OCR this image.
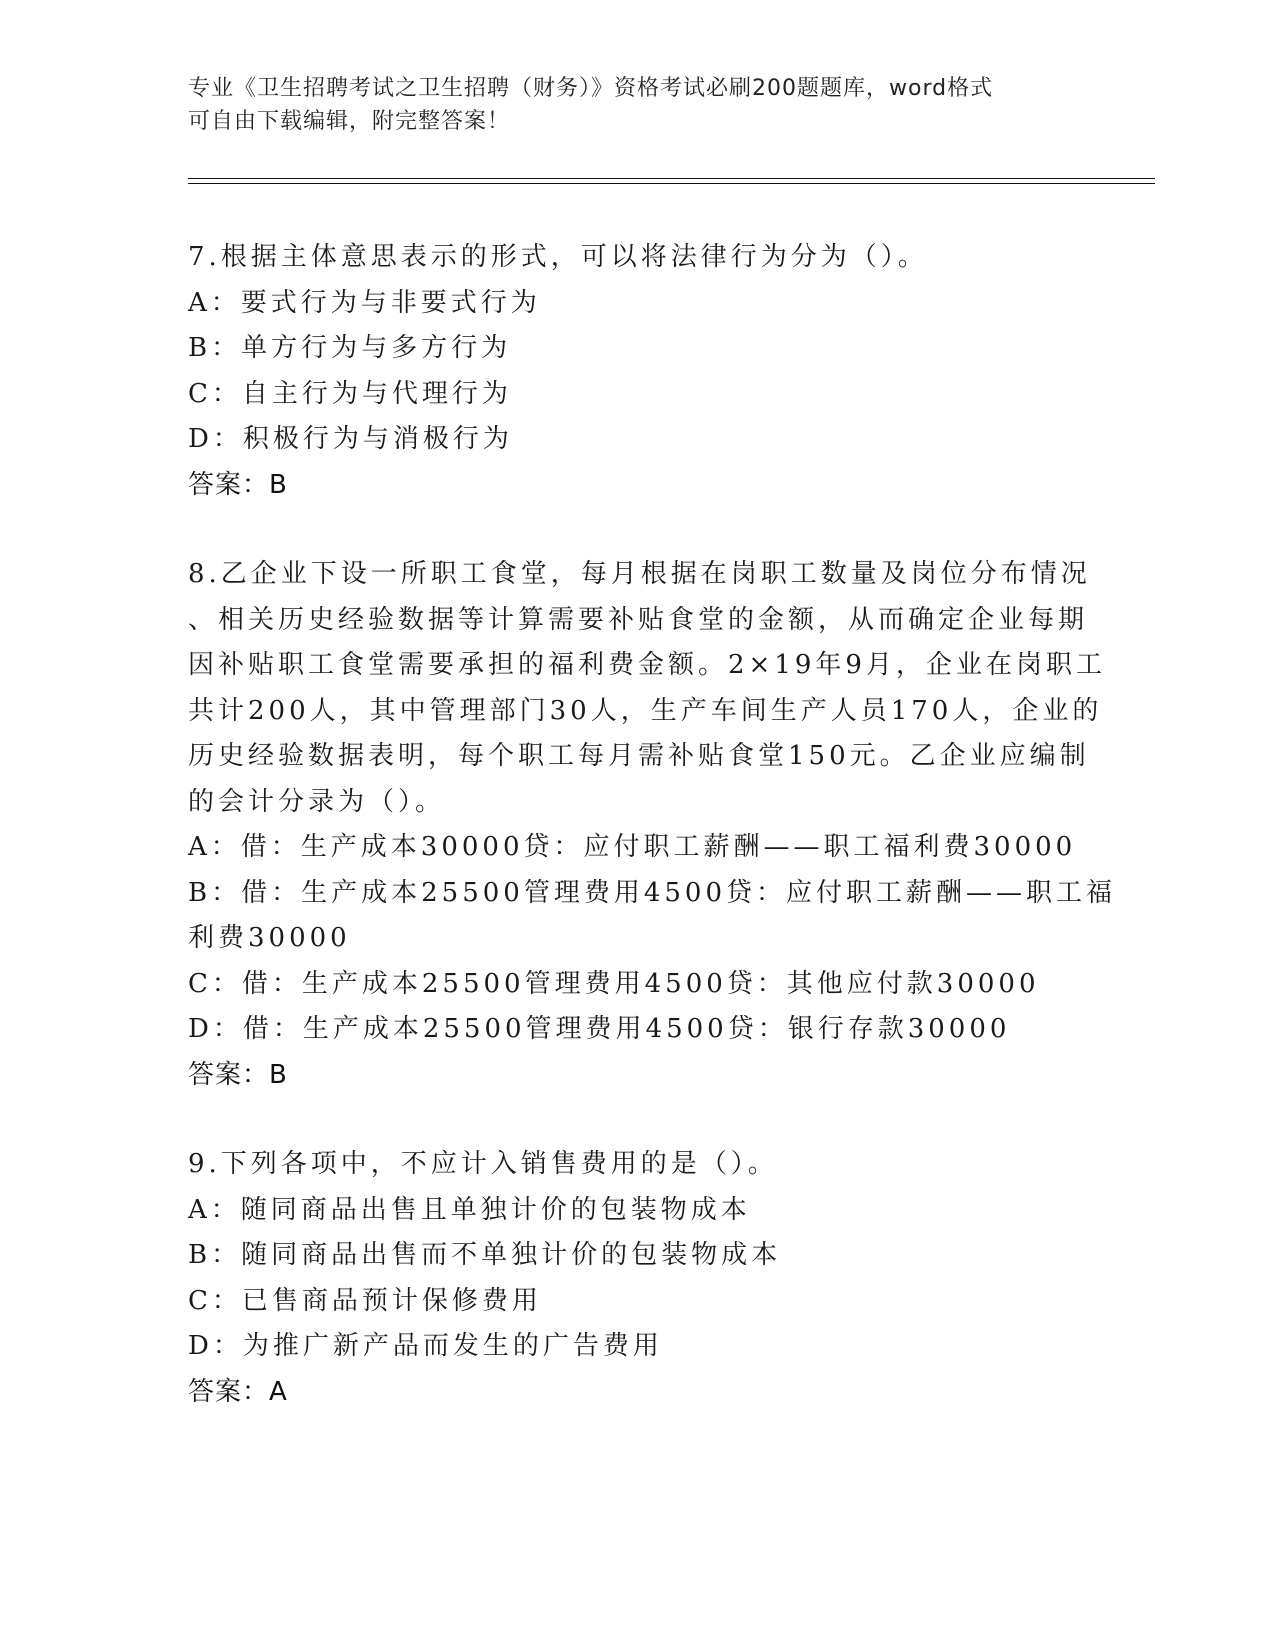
专业《卫生招聘考试之卫生招聘（财务）》资格考试必刷200题题库，word格式
可自由下载编辑，附完整答案！
7.根据主体意思表示的形式，可以将法律行为分为（）。
A：要式行为与非要式行为
B：单方行为与多方行为
C：自主行为与代理行为
D：积极行为与消极行为
答案：B
8.乙企业下设一所职工食堂，每月根据在岗职工数量及岗位分布情况
、相关历史经验数据等计算需要补贴食堂的金额，从而确定企业每期
因补贴职工食堂需要承担的福利费金额。2×19年9月，企业在岗职工
共计200人，其中管理部门30人，生产车间生产人员170人，企业的
历史经验数据表明，每个职工每月需补贴食堂150元。乙企业应编制
的会计分录为（）。
A：借：生产成本30000贷：应付职工薪酬——职工福利费30000
B：借：生产成本25500管理费用4500贷：应付职工薪酬——职工福
利费30000
C：借：生产成本25500管理费用4500贷：其他应付款30000
D：借：生产成本25500管理费用4500贷：银行存款30000
答案：B
9.下列各项中，不应计入销售费用的是（）。
A：随同商品出售且单独计价的包装物成本
B：随同商品出售而不单独计价的包装物成本
C：已售商品预计保修费用
D：为推广新产品而发生的广告费用
答案：A
